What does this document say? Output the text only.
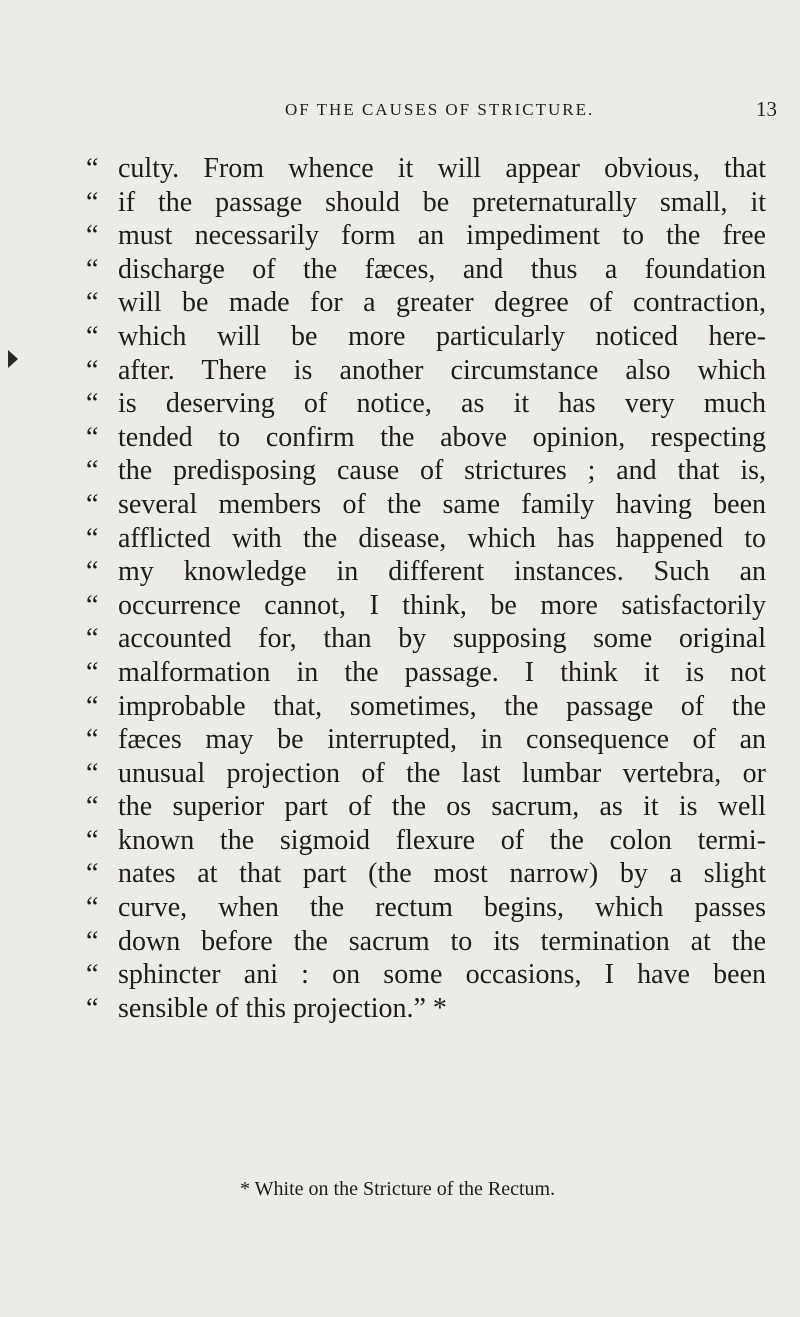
OF THE CAUSES OF STRICTURE.	13
“ culty. From whence it will appear obvious, that
“ if the passage should be preternaturally small, it
“ must necessarily form an impediment to the free
“ discharge of the fæces, and thus a foundation
“ will be made for a greater degree of contraction,
“ which will be more particularly noticed here-
“ after. There is another circumstance also which
“ is deserving of notice, as it has very much
“ tended to confirm the above opinion, respecting
“ the predisposing cause of strictures ; and that is,
“ several members of the same family having been
“ afflicted with the disease, which has happened to
“ my knowledge in different instances. Such an
“ occurrence cannot, I think, be more satisfactorily
“ accounted for, than by supposing some original
“ malformation in the passage. I think it is not
“ improbable that, sometimes, the passage of the
“ fæces may be interrupted, in consequence of an
“ unusual projection of the last lumbar vertebra, or
“ the superior part of the os sacrum, as it is well
“ known the sigmoid flexure of the colon termi-
“ nates at that part (the most narrow) by a slight
“ curve, when the rectum begins, which passes
“ down before the sacrum to its termination at the
“ sphincter ani : on some occasions, I have been
“ sensible of this projection.” *
* White on the Stricture of the Rectum.
